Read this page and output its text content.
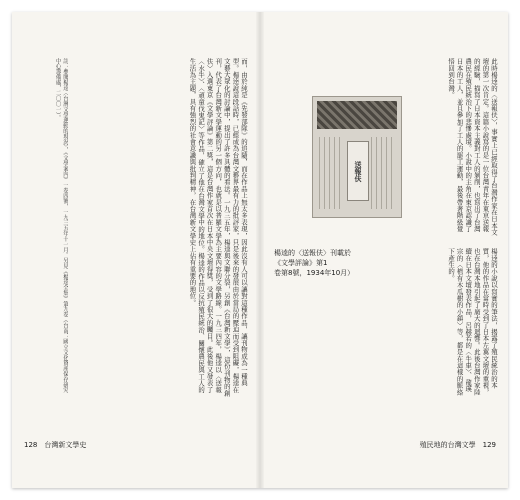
而，由於純是《先發部隊》的追隨，而在作品上無太多表現，因此沒有人可以讓對這種作品，讓刊物成為一種典型。楊逵說這段話時，已經成為台灣文藝界最有力的批評家，只是後來的發展由於當局的壓迫而受到阻礙，楊逵在文藝大眾化的討論中，提出了許多具體的看法。一九三五年，楊逵與文聯分裂，另創《台灣新文學》，這份刊物的創刊，代表了台灣新文學運動的另一個方向，也就是以普羅文學為主要內容的文學路線。一九三四年，楊逵以〈送報伕〉入選東京《文學評論》第二獎，這是台灣作家首次在日本中央文壇得獎，受到了很大的矚目。此後他又發表了〈水牛〉、〈頑童伐鬼記〉等作品，確立了他在台灣文學中的地位。楊逵的作品以反抗殖民統治、關懷農民與工人的生活為主題，具有強烈的社會意識與批判精神，在台灣新文學史上佔有重要的地位。
註：參閱楊逵〈台灣文學運動的現況〉，《文學案內》一卷四號，一九三五年十一月。另見《楊逵全集》第九卷（台南：國立文化資產保存研究中心籌備處，二〇〇一）。
128　台灣新文學史
此時楊逵的〈送報伕〉，事實上已經取得了台灣作家在日本文壇的第一次肯定。這篇小說寫的是一位台灣青年在東京送報的經驗，描寫了日本資本主義對工人的剝削，也寫出了台灣農民在殖民統治下的悲慘處境。小說中的主角在東京認識了日本的工人，並且參加了工人的罷工運動，最後帶著階級覺悟回到台灣。
楊逵的小說以寫實的筆法，揭露了殖民統治的本質，他的作品在當時受到了日本左翼文壇的重視，也在台灣本地引起了廣大的迴響。此後台灣作家陸續在日本文壇發表作品，呂赫若的〈牛車〉、龍瑛宗的〈植有木瓜樹的小鎮〉等，都是在這樣的脈絡下產生的。
送報伕
楊逵的〈送報伕〉刊載於
《文學評論》第1
卷第8號，1934年10月）
殖民地的台灣文學　129
